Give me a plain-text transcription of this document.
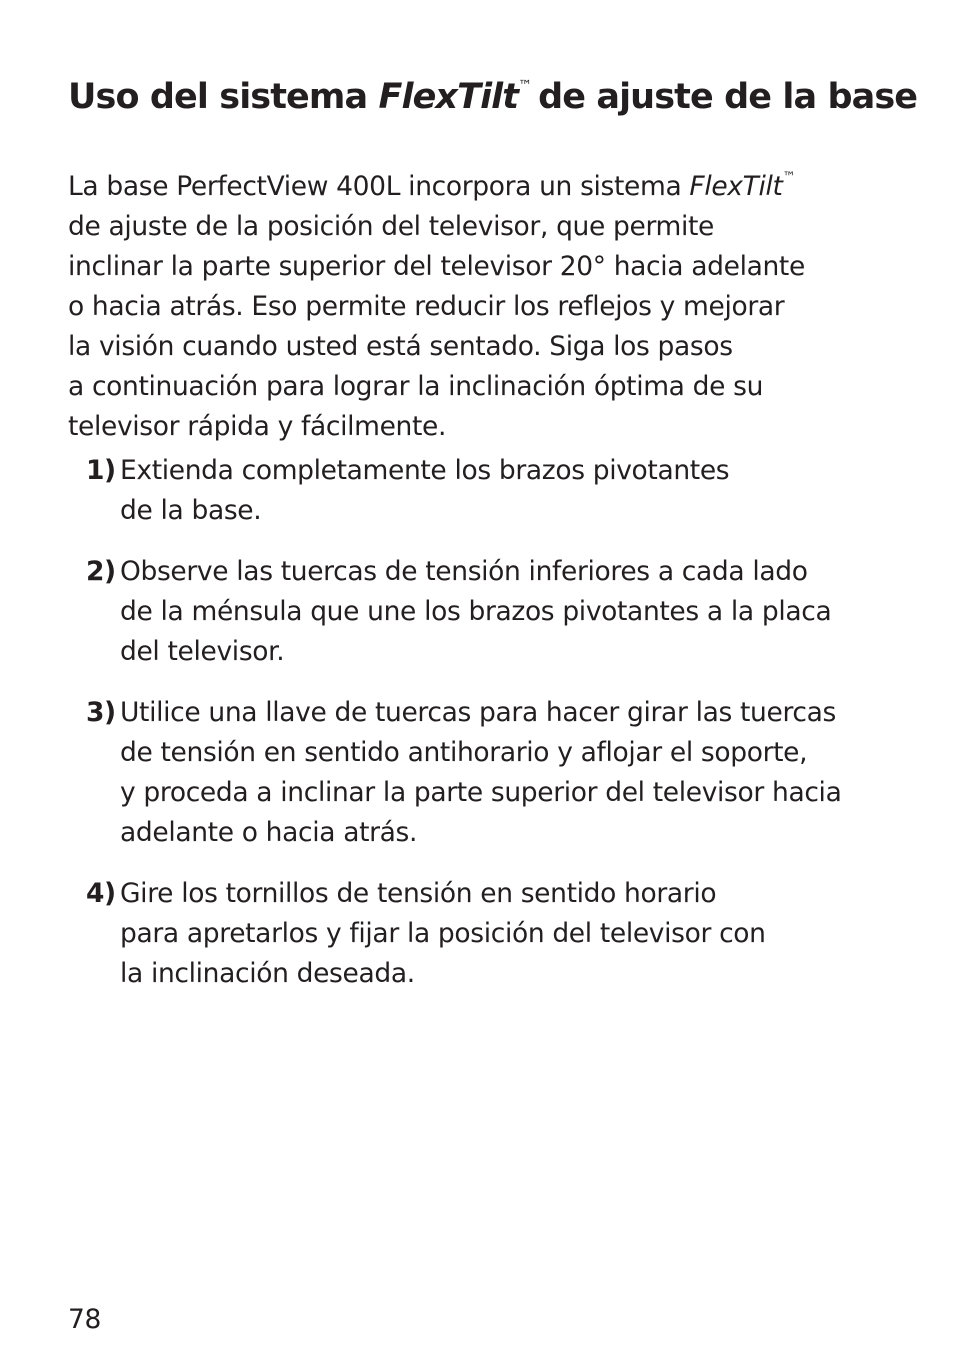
Uso del sistema FlexTilt™ de ajuste de la base

La base PerfectView 400L incorpora un sistema FlexTilt™
de ajuste de la posición del televisor, que permite
inclinar la parte superior del televisor 20° hacia adelante
o hacia atrás. Eso permite reducir los reflejos y mejorar
la visión cuando usted está sentado. Siga los pasos
a continuación para lograr la inclinación óptima de su
televisor rápida y fácilmente.

1) Extienda completamente los brazos pivotantes
de la base.
2) Observe las tuercas de tensión inferiores a cada lado
de la ménsula que une los brazos pivotantes a la placa
del televisor.
3) Utilice una llave de tuercas para hacer girar las tuercas
de tensión en sentido antihorario y aflojar el soporte,
y proceda a inclinar la parte superior del televisor hacia
adelante o hacia atrás.
4) Gire los tornillos de tensión en sentido horario
para apretarlos y fijar la posición del televisor con
la inclinación deseada.
78
